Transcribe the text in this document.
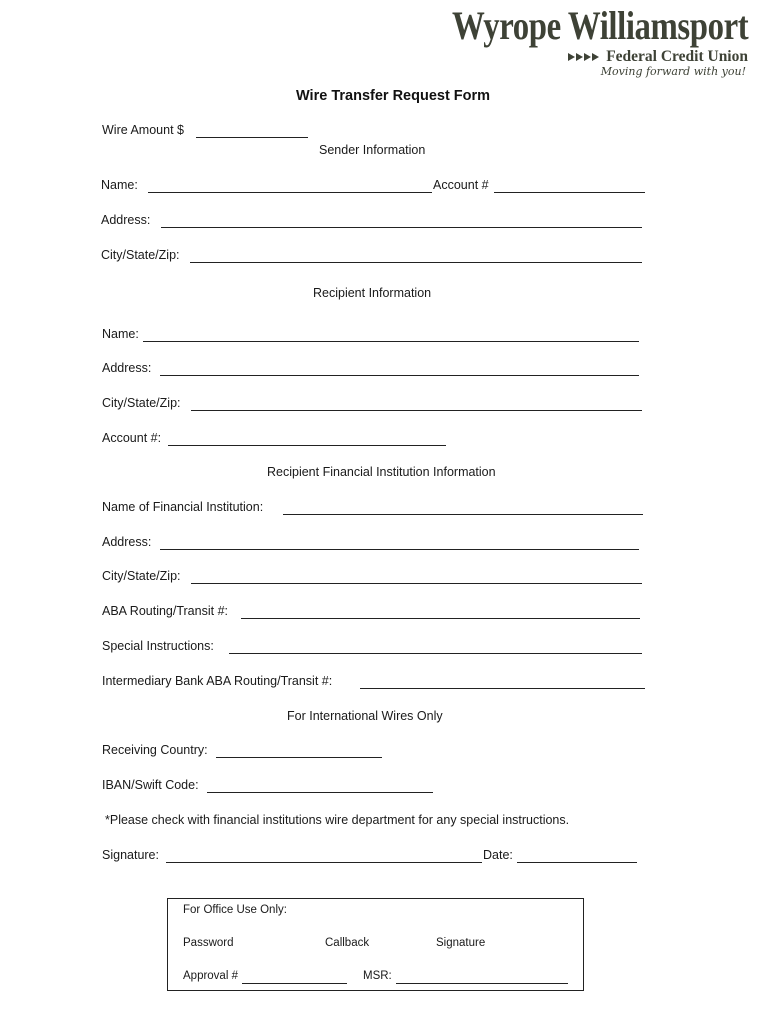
Wyrope Williamsport
Federal Credit Union
Moving forward with you!
Wire Transfer Request Form
Wire Amount $
Sender Information
Name:	Account #
Address:
City/State/Zip:
Recipient Information
Name:
Address:
City/State/Zip:
Account #:
Recipient Financial Institution Information
Name of Financial Institution:
Address:
City/State/Zip:
ABA Routing/Transit #:
Special Instructions:
Intermediary Bank ABA Routing/Transit #:
For International Wires Only
Receiving Country:
IBAN/Swift Code:
*Please check with financial institutions wire department for any special instructions.
Signature:	Date:
For Office Use Only:
Password	Callback	Signature
Approval #	MSR:
